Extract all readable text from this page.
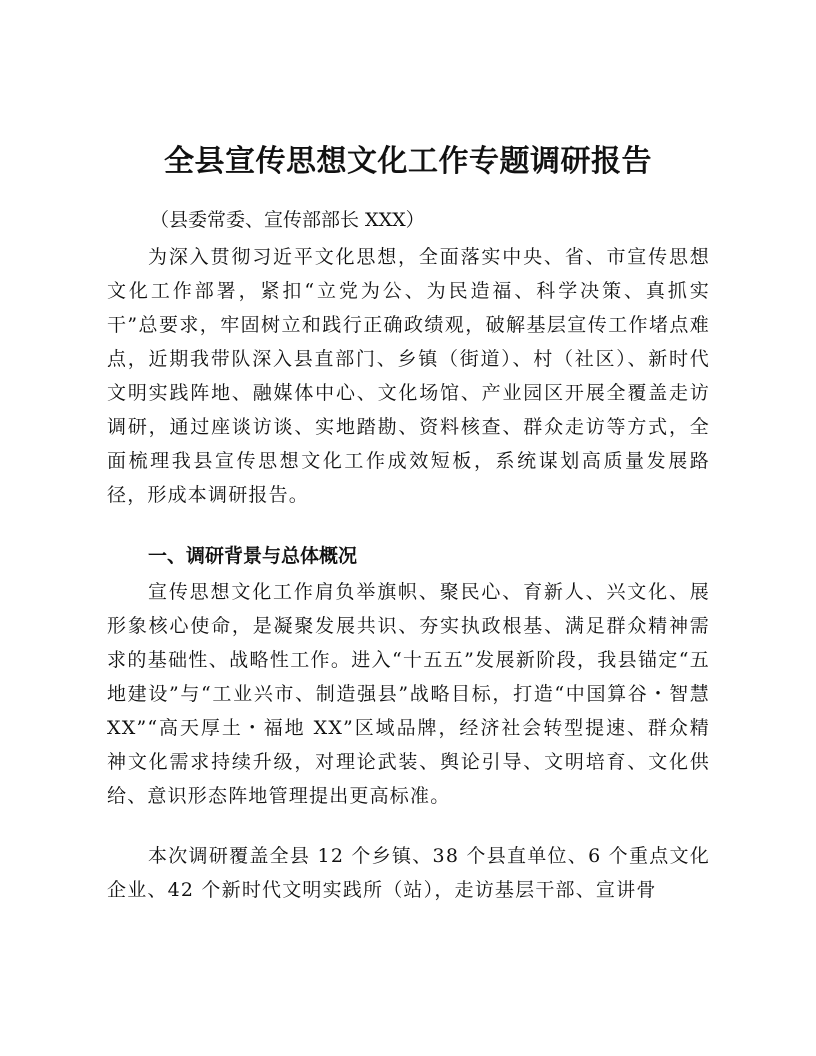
全县宣传思想文化工作专题调研报告

（县委常委、宣传部部长 XXX）

为深入贯彻习近平文化思想，全面落实中央、省、市宣传思想文化工作部署，紧扣“立党为公、为民造福、科学决策、真抓实干”总要求，牢固树立和践行正确政绩观，破解基层宣传工作堵点难点，近期我带队深入县直部门、乡镇（街道）、村（社区）、新时代文明实践阵地、融媒体中心、文化场馆、产业园区开展全覆盖走访调研，通过座谈访谈、实地踏勘、资料核查、群众走访等方式，全面梳理我县宣传思想文化工作成效短板，系统谋划高质量发展路径，形成本调研报告。

一、调研背景与总体概况

宣传思想文化工作肩负举旗帜、聚民心、育新人、兴文化、展形象核心使命，是凝聚发展共识、夯实执政根基、满足群众精神需求的基础性、战略性工作。进入“十五五”发展新阶段，我县锚定“五地建设”与“工业兴市、制造强县”战略目标，打造“中国算谷・智慧 XX”“高天厚土・福地 XX”区域品牌，经济社会转型提速、群众精神文化需求持续升级，对理论武装、舆论引导、文明培育、文化供给、意识形态阵地管理提出更高标准。

本次调研覆盖全县 12 个乡镇、38 个县直单位、6 个重点文化企业、42 个新时代文明实践所（站），走访基层干部、宣讲骨
